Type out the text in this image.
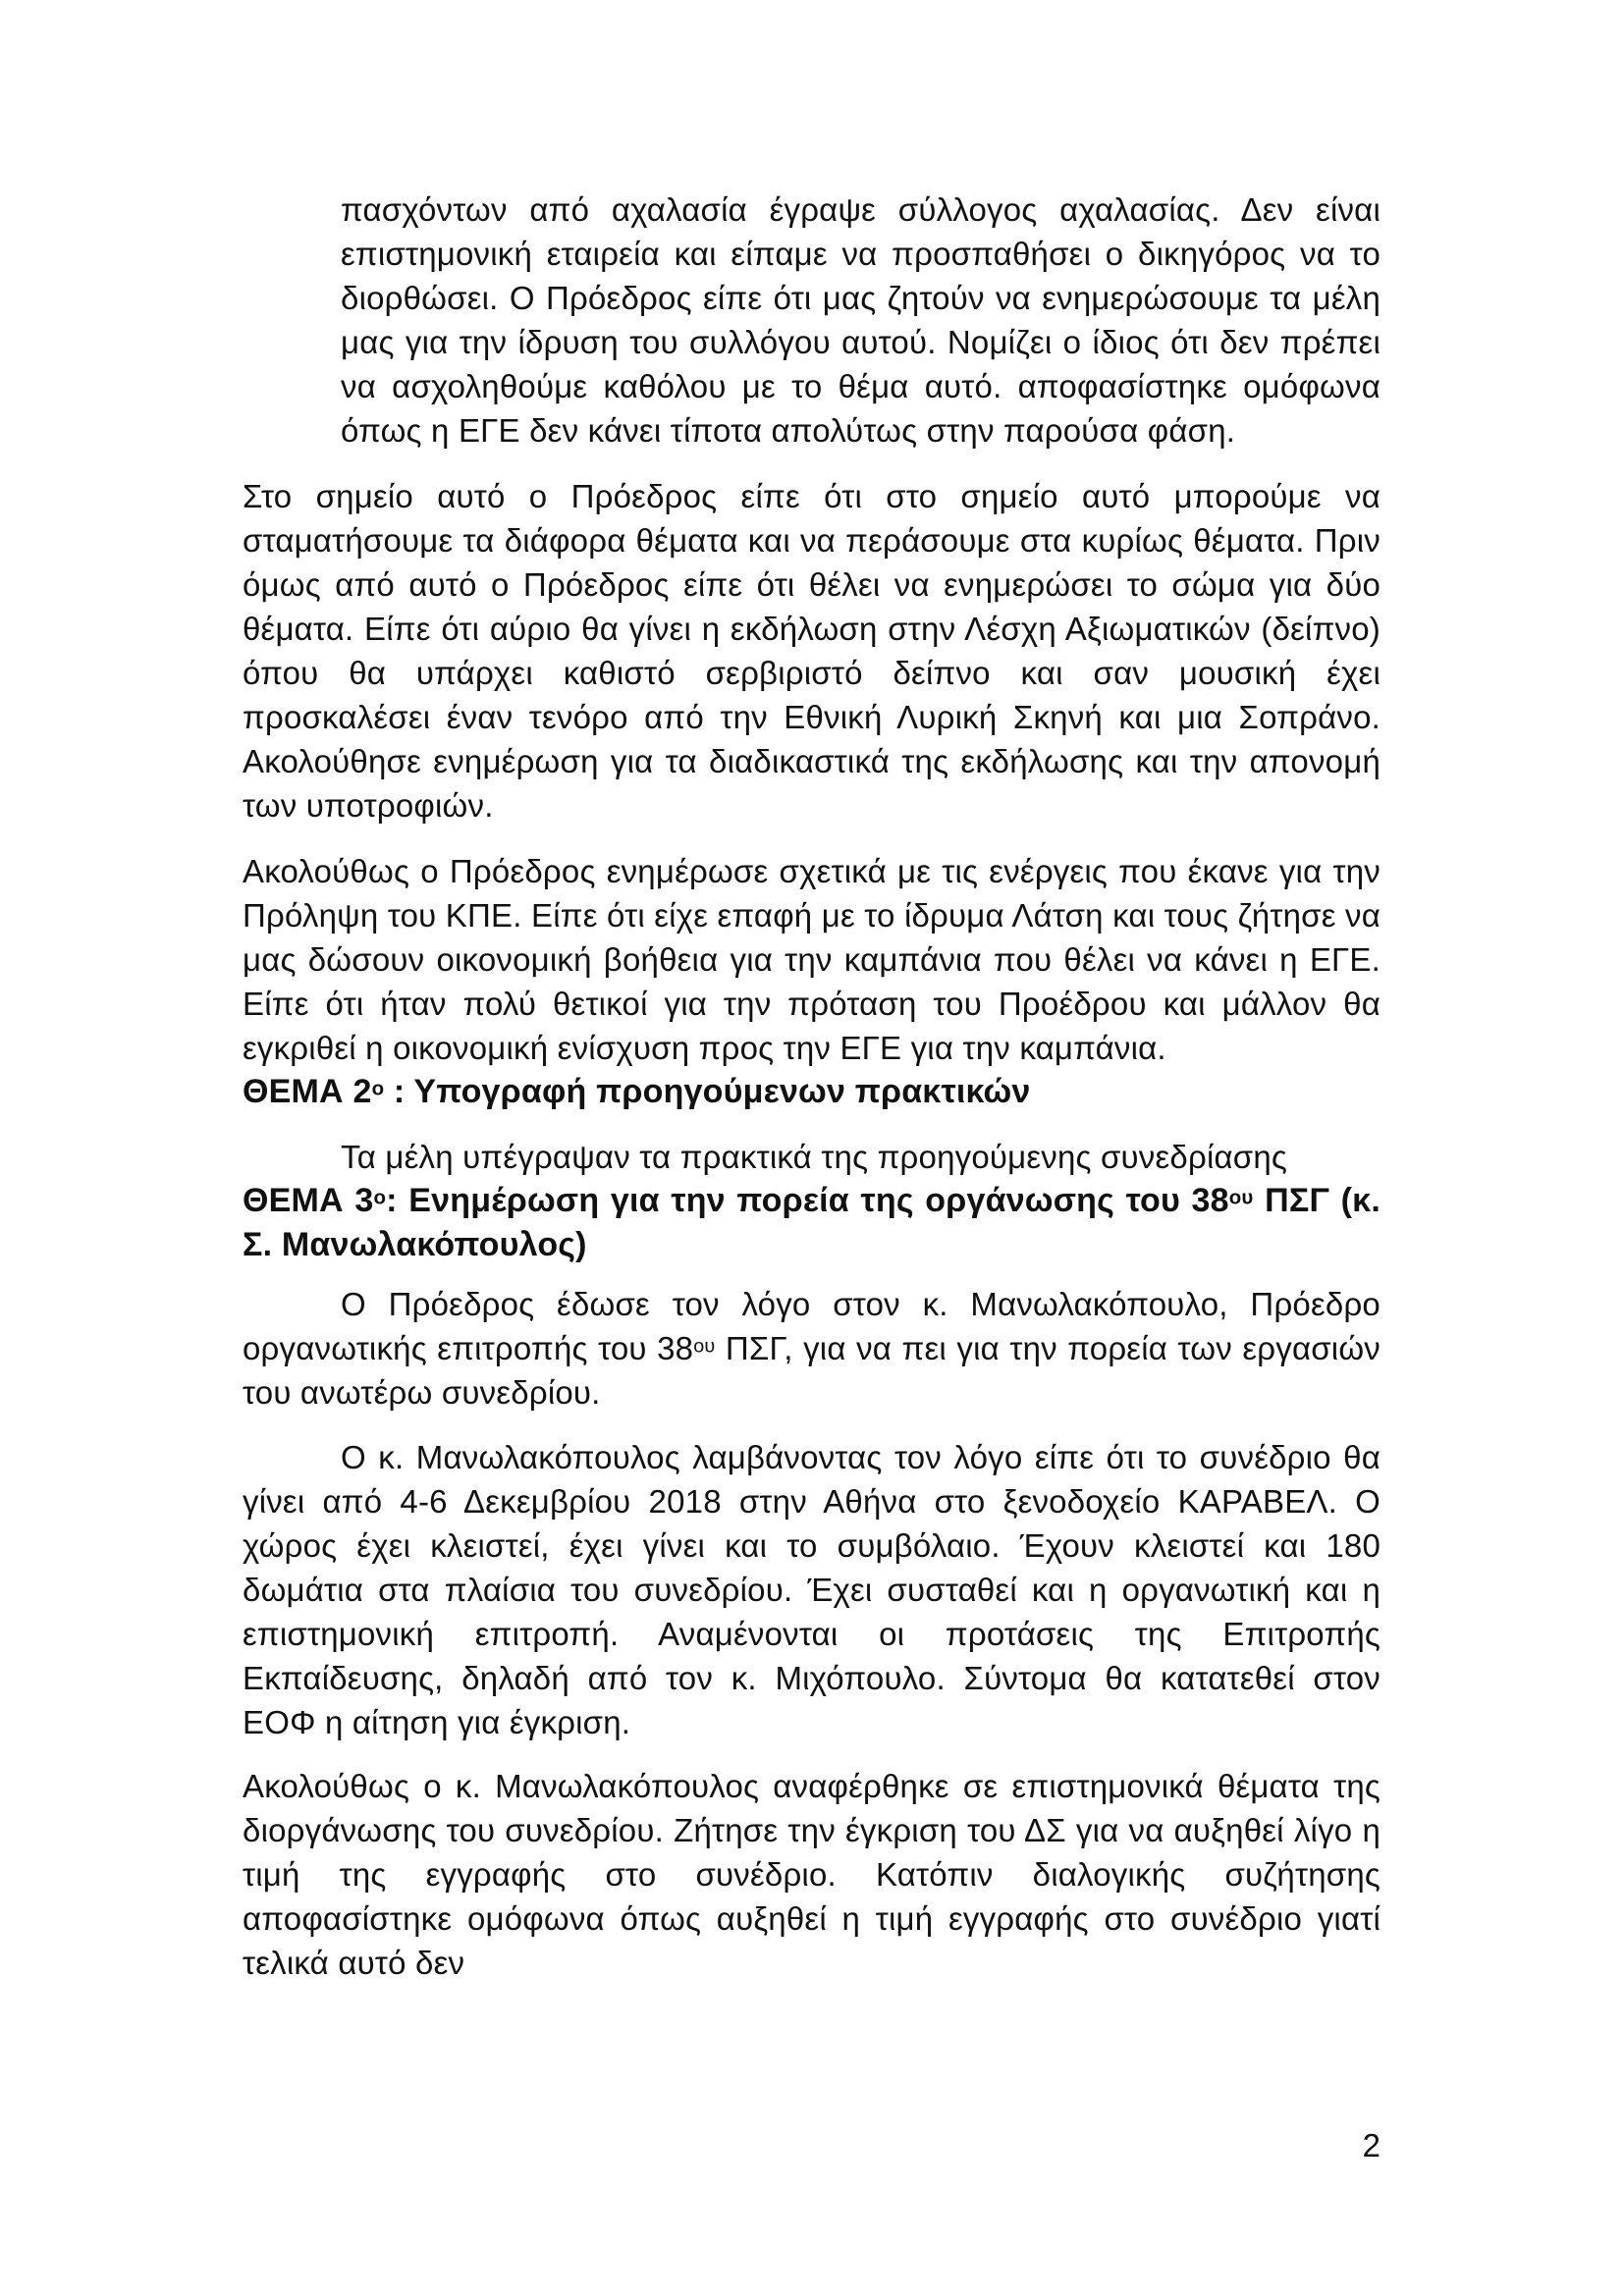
πασχόντων από αχαλασία έγραψε σύλλογος αχαλασίας. Δεν είναι επιστημονική εταιρεία και είπαμε να προσπαθήσει ο δικηγόρος να το διορθώσει. Ο Πρόεδρος είπε ότι μας ζητούν να ενημερώσουμε τα μέλη μας για την ίδρυση του συλλόγου αυτού. Νομίζει ο ίδιος ότι δεν πρέπει να ασχοληθούμε καθόλου με το θέμα αυτό. αποφασίστηκε ομόφωνα όπως η ΕΓΕ δεν κάνει τίποτα απολύτως στην παρούσα φάση.

Στο σημείο αυτό ο Πρόεδρος είπε ότι στο σημείο αυτό μπορούμε να σταματήσουμε τα διάφορα θέματα και να περάσουμε στα κυρίως θέματα. Πριν όμως από αυτό ο Πρόεδρος είπε ότι θέλει να ενημερώσει το σώμα για δύο θέματα. Είπε ότι αύριο θα γίνει η εκδήλωση στην Λέσχη Αξιωματικών (δείπνο) όπου θα υπάρχει καθιστό σερβιριστό δείπνο και σαν μουσική έχει προσκαλέσει έναν τενόρο από την Εθνική Λυρική Σκηνή και μια Σοπράνο. Ακολούθησε ενημέρωση για τα διαδικαστικά της εκδήλωσης και την απονομή των υποτροφιών.

Ακολούθως ο Πρόεδρος ενημέρωσε σχετικά με τις ενέργεις που έκανε για την Πρόληψη του ΚΠΕ. Είπε ότι είχε επαφή με το ίδρυμα Λάτση και τους ζήτησε να μας δώσουν οικονομική βοήθεια για την καμπάνια που θέλει να κάνει η ΕΓΕ. Είπε ότι ήταν πολύ θετικοί για την πρόταση του Προέδρου και μάλλον θα εγκριθεί η οικονομική ενίσχυση προς την ΕΓΕ για την καμπάνια.

ΘΕΜΑ $2^o$ : Υπογραφή προηγούμενων πρακτικών

Τα μέλη υπέγραψαν τα πρακτικά της προηγούμενης συνεδρίασης

ΘΕΜΑ $3^o$: Ενημέρωση για την πορεία της οργάνωσης του $38^{o\upsilon}$ ΠΣΓ (κ. Σ. Μανωλακόπουλος)

Ο Πρόεδρος έδωσε τον λόγο στον κ. Μανωλακόπουλο, Πρόεδρο οργανωτικής επιτροπής του $38^{o\upsilon}$ ΠΣΓ, για να πει για την πορεία των εργασιών του ανωτέρω συνεδρίου.

Ο κ. Μανωλακόπουλος λαμβάνοντας τον λόγο είπε ότι το συνέδριο θα γίνει από 4-6 Δεκεμβρίου 2018 στην Αθήνα στο ξενοδοχείο ΚΑΡΑΒΕΛ. Ο χώρος έχει κλειστεί, έχει γίνει και το συμβόλαιο. Έχουν κλειστεί και 180 δωμάτια στα πλαίσια του συνεδρίου. Έχει συσταθεί και η οργανωτική και η επιστημονική επιτροπή. Αναμένονται οι προτάσεις της Επιτροπής Εκπαίδευσης, δηλαδή από τον κ. Μιχόπουλο. Σύντομα θα κατατεθεί στον ΕΟΦ η αίτηση για έγκριση.

Ακολούθως ο κ. Μανωλακόπουλος αναφέρθηκε σε επιστημονικά θέματα της διοργάνωσης του συνεδρίου. Ζήτησε την έγκριση του ΔΣ για να αυξηθεί λίγο η τιμή της εγγραφής στο συνέδριο. Κατόπιν διαλογικής συζήτησης αποφασίστηκε ομόφωνα όπως αυξηθεί η τιμή εγγραφής στο συνέδριο γιατί τελικά αυτό δεν

2
